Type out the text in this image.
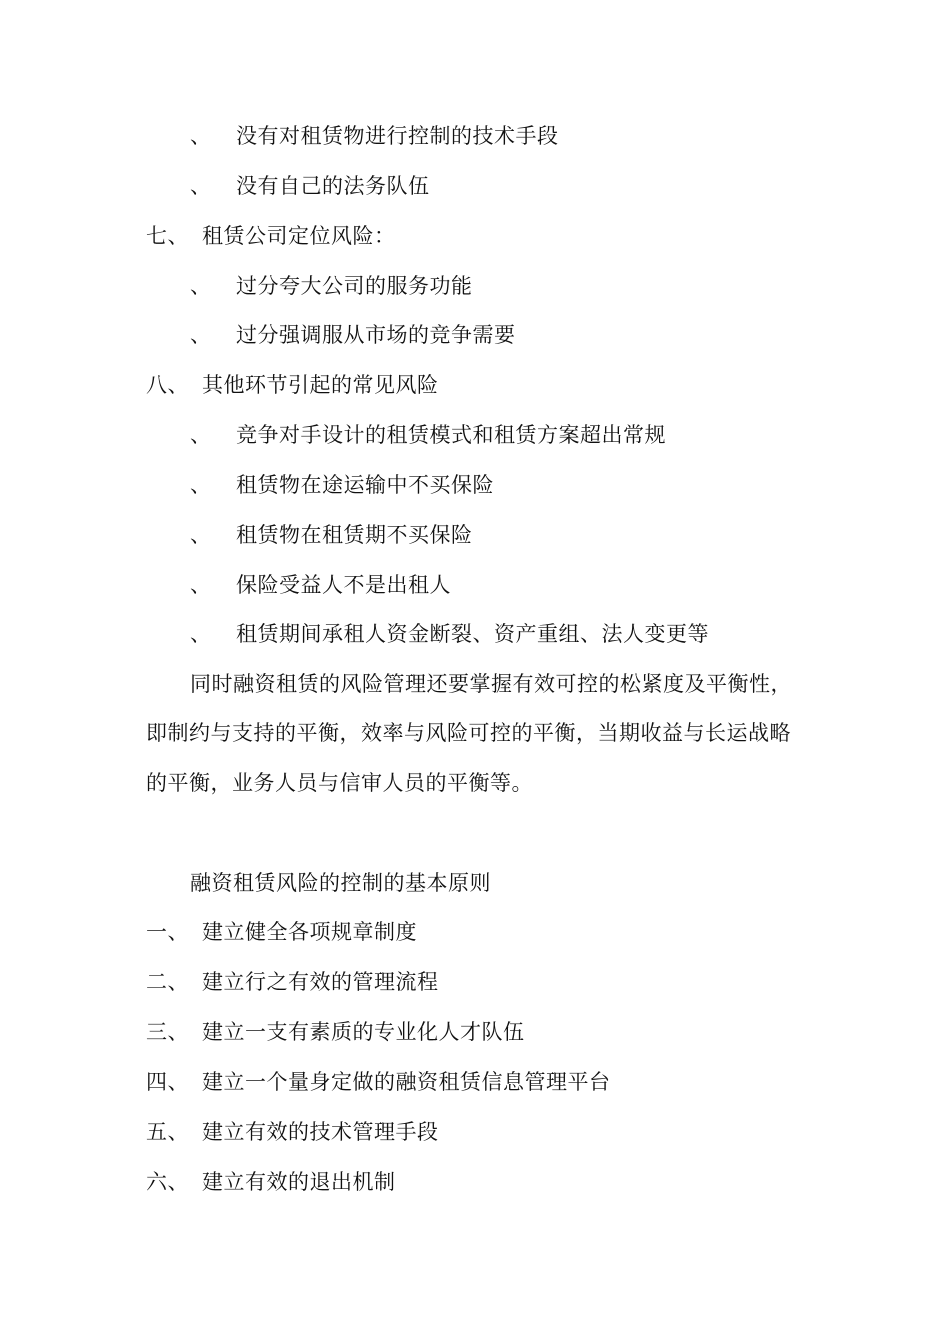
、 没有对租赁物进行控制的技术手段
、 没有自己的法务队伍
七、 租赁公司定位风险：
、 过分夸大公司的服务功能
、 过分强调服从市场的竞争需要
八、 其他环节引起的常见风险
、 竞争对手设计的租赁模式和租赁方案超出常规
、 租赁物在途运输中不买保险
、 租赁物在租赁期不买保险
、 保险受益人不是出租人
、 租赁期间承租人资金断裂、资产重组、法人变更等
同时融资租赁的风险管理还要掌握有效可控的松紧度及平衡性，
即制约与支持的平衡，效率与风险可控的平衡，当期收益与长运战略
的平衡，业务人员与信审人员的平衡等。
融资租赁风险的控制的基本原则
一、 建立健全各项规章制度
二、 建立行之有效的管理流程
三、 建立一支有素质的专业化人才队伍
四、 建立一个量身定做的融资租赁信息管理平台
五、 建立有效的技术管理手段
六、 建立有效的退出机制
